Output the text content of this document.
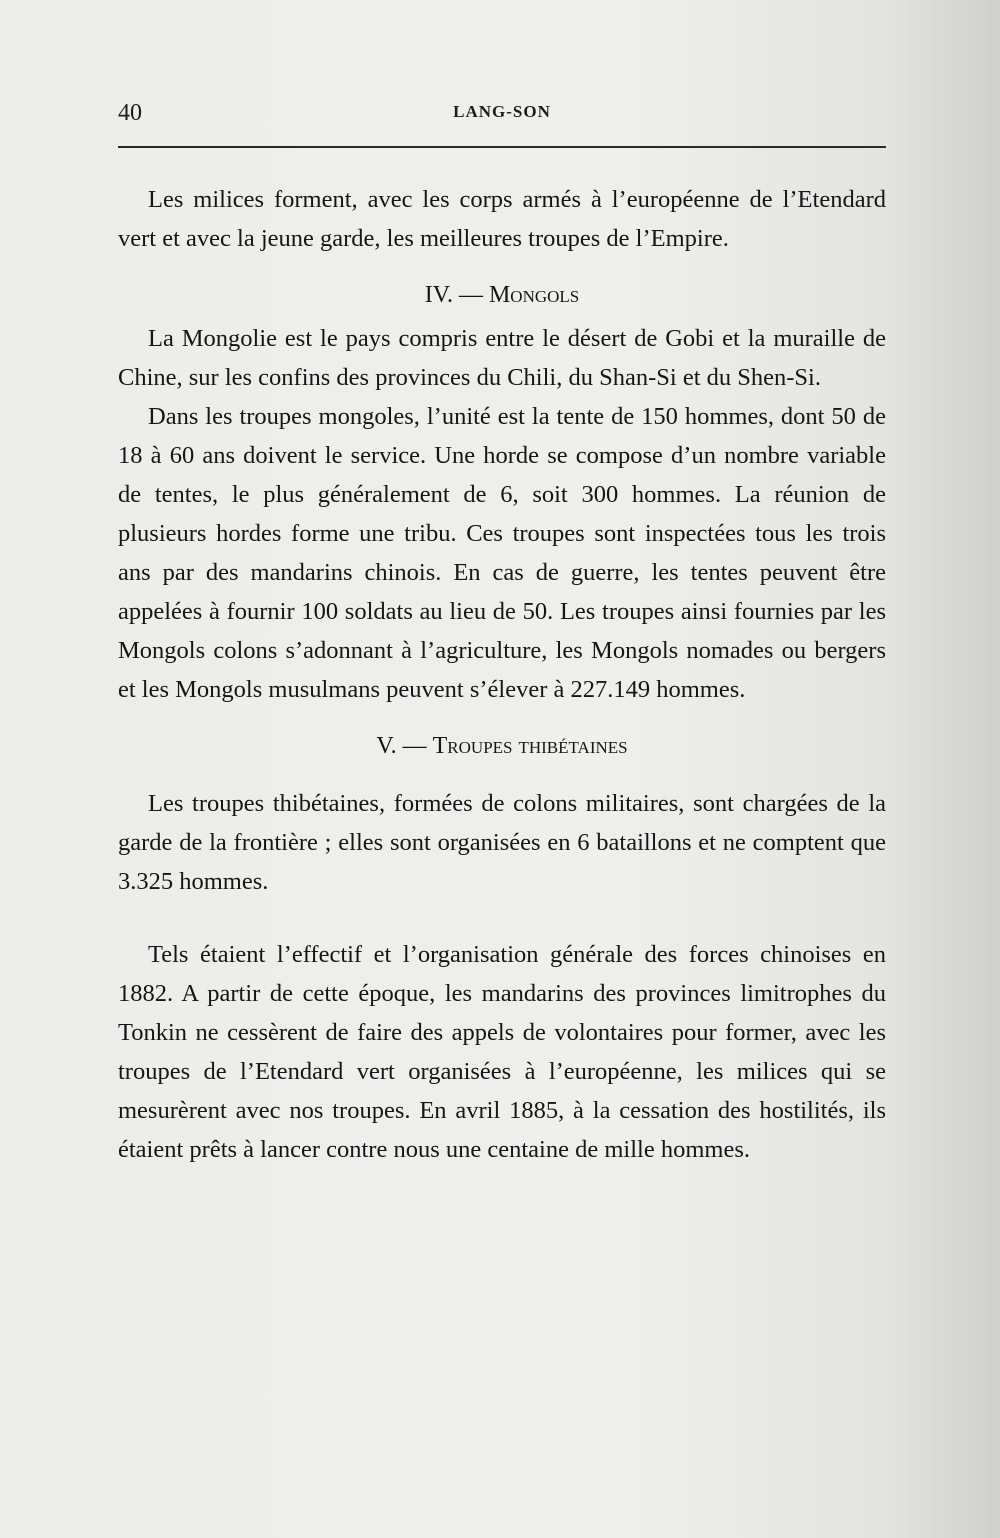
40	LANG-SON

Les milices forment, avec les corps armés à l’européenne de l’Etendard vert et avec la jeune garde, les meilleures troupes de l’Empire.

IV. — Mongols

La Mongolie est le pays compris entre le désert de Gobi et la muraille de Chine, sur les confins des provinces du Chili, du Shan-Si et du Shen-Si.

Dans les troupes mongoles, l’unité est la tente de 150 hommes, dont 50 de 18 à 60 ans doivent le service. Une horde se compose d’un nombre variable de tentes, le plus généralement de 6, soit 300 hommes. La réunion de plusieurs hordes forme une tribu. Ces troupes sont inspectées tous les trois ans par des mandarins chinois. En cas de guerre, les tentes peuvent être appelées à fournir 100 soldats au lieu de 50. Les troupes ainsi fournies par les Mongols colons s’adonnant à l’agriculture, les Mongols nomades ou bergers et les Mongols musulmans peuvent s’élever à 227.149 hommes.

V. — Troupes thibétaines

Les troupes thibétaines, formées de colons militaires, sont chargées de la garde de la frontière ; elles sont organisées en 6 bataillons et ne comptent que 3.325 hommes.

Tels étaient l’effectif et l’organisation générale des forces chinoises en 1882. A partir de cette époque, les mandarins des provinces limitrophes du Tonkin ne cessèrent de faire des appels de volontaires pour former, avec les troupes de l’Etendard vert organisées à l’européenne, les milices qui se mesurèrent avec nos troupes. En avril 1885, à la cessation des hostilités, ils étaient prêts à lancer contre nous une centaine de mille hommes.
